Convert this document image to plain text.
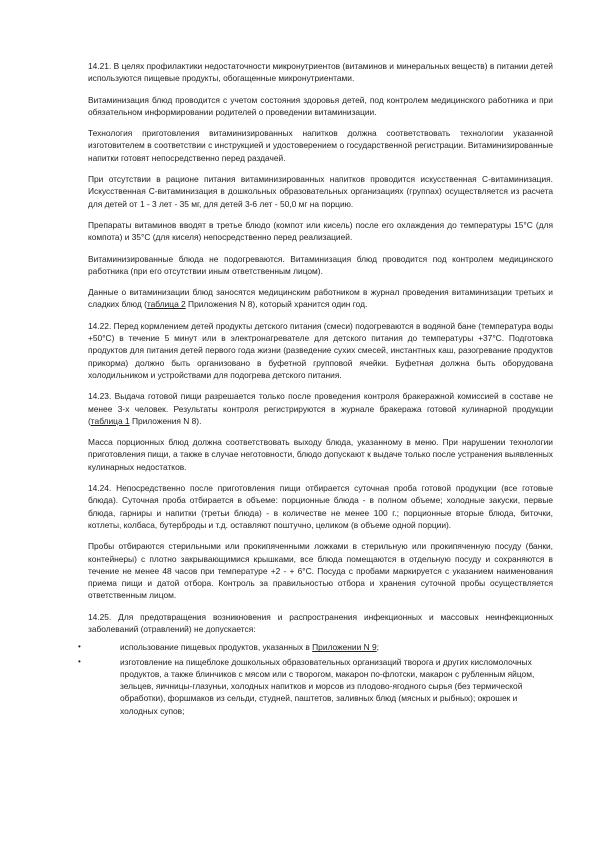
14.21. В целях профилактики недостаточности микронутриентов (витаминов и минеральных веществ) в питании детей используются пищевые продукты, обогащенные микронутриентами.

Витаминизация блюд проводится с учетом состояния здоровья детей, под контролем медицинского работника и при обязательном информировании родителей о проведении витаминизации.

Технология приготовления витаминизированных напитков должна соответствовать технологии указанной изготовителем в соответствии с инструкцией и удостоверением о государственной регистрации. Витаминизированные напитки готовят непосредственно перед раздачей.

При отсутствии в рационе питания витаминизированных напитков проводится искусственная С-витаминизация. Искусственная С-витаминизация в дошкольных образовательных организациях (группах) осуществляется из расчета для детей от 1 - 3 лет - 35 мг, для детей 3-6 лет - 50,0 мг на порцию.

Препараты витаминов вводят в третье блюдо (компот или кисель) после его охлаждения до температуры 15°С (для компота) и 35°С (для киселя) непосредственно перед реализацией.

Витаминизированные блюда не подогреваются. Витаминизация блюд проводится под контролем медицинского работника (при его отсутствии иным ответственным лицом).

Данные о витаминизации блюд заносятся медицинским работником в журнал проведения витаминизации третьих и сладких блюд (таблица 2 Приложения N 8), который хранится один год.

14.22. Перед кормлением детей продукты детского питания (смеси) подогреваются в водяной бане (температура воды +50°С) в течение 5 минут или в электронагревателе для детского питания до температуры +37°С. Подготовка продуктов для питания детей первого года жизни (разведение сухих смесей, инстантных каш, разогревание продуктов прикорма) должно быть организовано в буфетной групповой ячейки. Буфетная должна быть оборудована холодильником и устройствами для подогрева детского питания.

14.23. Выдача готовой пищи разрешается только после проведения контроля бракеражной комиссией в составе не менее 3-х человек. Результаты контроля регистрируются в журнале бракеража готовой кулинарной продукции (таблица 1 Приложения N 8).

Масса порционных блюд должна соответствовать выходу блюда, указанному в меню. При нарушении технологии приготовления пищи, а также в случае неготовности, блюдо допускают к выдаче только после устранения выявленных кулинарных недостатков.

14.24. Непосредственно после приготовления пищи отбирается суточная проба готовой продукции (все готовые блюда). Суточная проба отбирается в объеме: порционные блюда - в полном объеме; холодные закуски, первые блюда, гарниры и напитки (третьи блюда) - в количестве не менее 100 г.; порционные вторые блюда, биточки, котлеты, колбаса, бутерброды и т.д. оставляют поштучно, целиком (в объеме одной порции).

Пробы отбираются стерильными или прокипяченными ложками в стерильную или прокипяченную посуду (банки, контейнеры) с плотно закрывающимися крышками, все блюда помещаются в отдельную посуду и сохраняются в течение не менее 48 часов при температуре +2 - + 6°С. Посуда с пробами маркируется с указанием наименования приема пищи и датой отбора. Контроль за правильностью отбора и хранения суточной пробы осуществляется ответственным лицом.

14.25. Для предотвращения возникновения и распространения инфекционных и массовых неинфекционных заболеваний (отравлений) не допускается:

•	использование пищевых продуктов, указанных в Приложении N 9;
•	изготовление на пищеблоке дошкольных образовательных организаций творога и других кисломолочных продуктов, а также блинчиков с мясом или с творогом, макарон по-флотски, макарон с рубленным яйцом, зельцев, яичницы-глазуньи, холодных напитков и морсов из плодово-ягодного сырья (без термической обработки), форшмаков из сельди, студней, паштетов, заливных блюд (мясных и рыбных); окрошек и холодных супов;
